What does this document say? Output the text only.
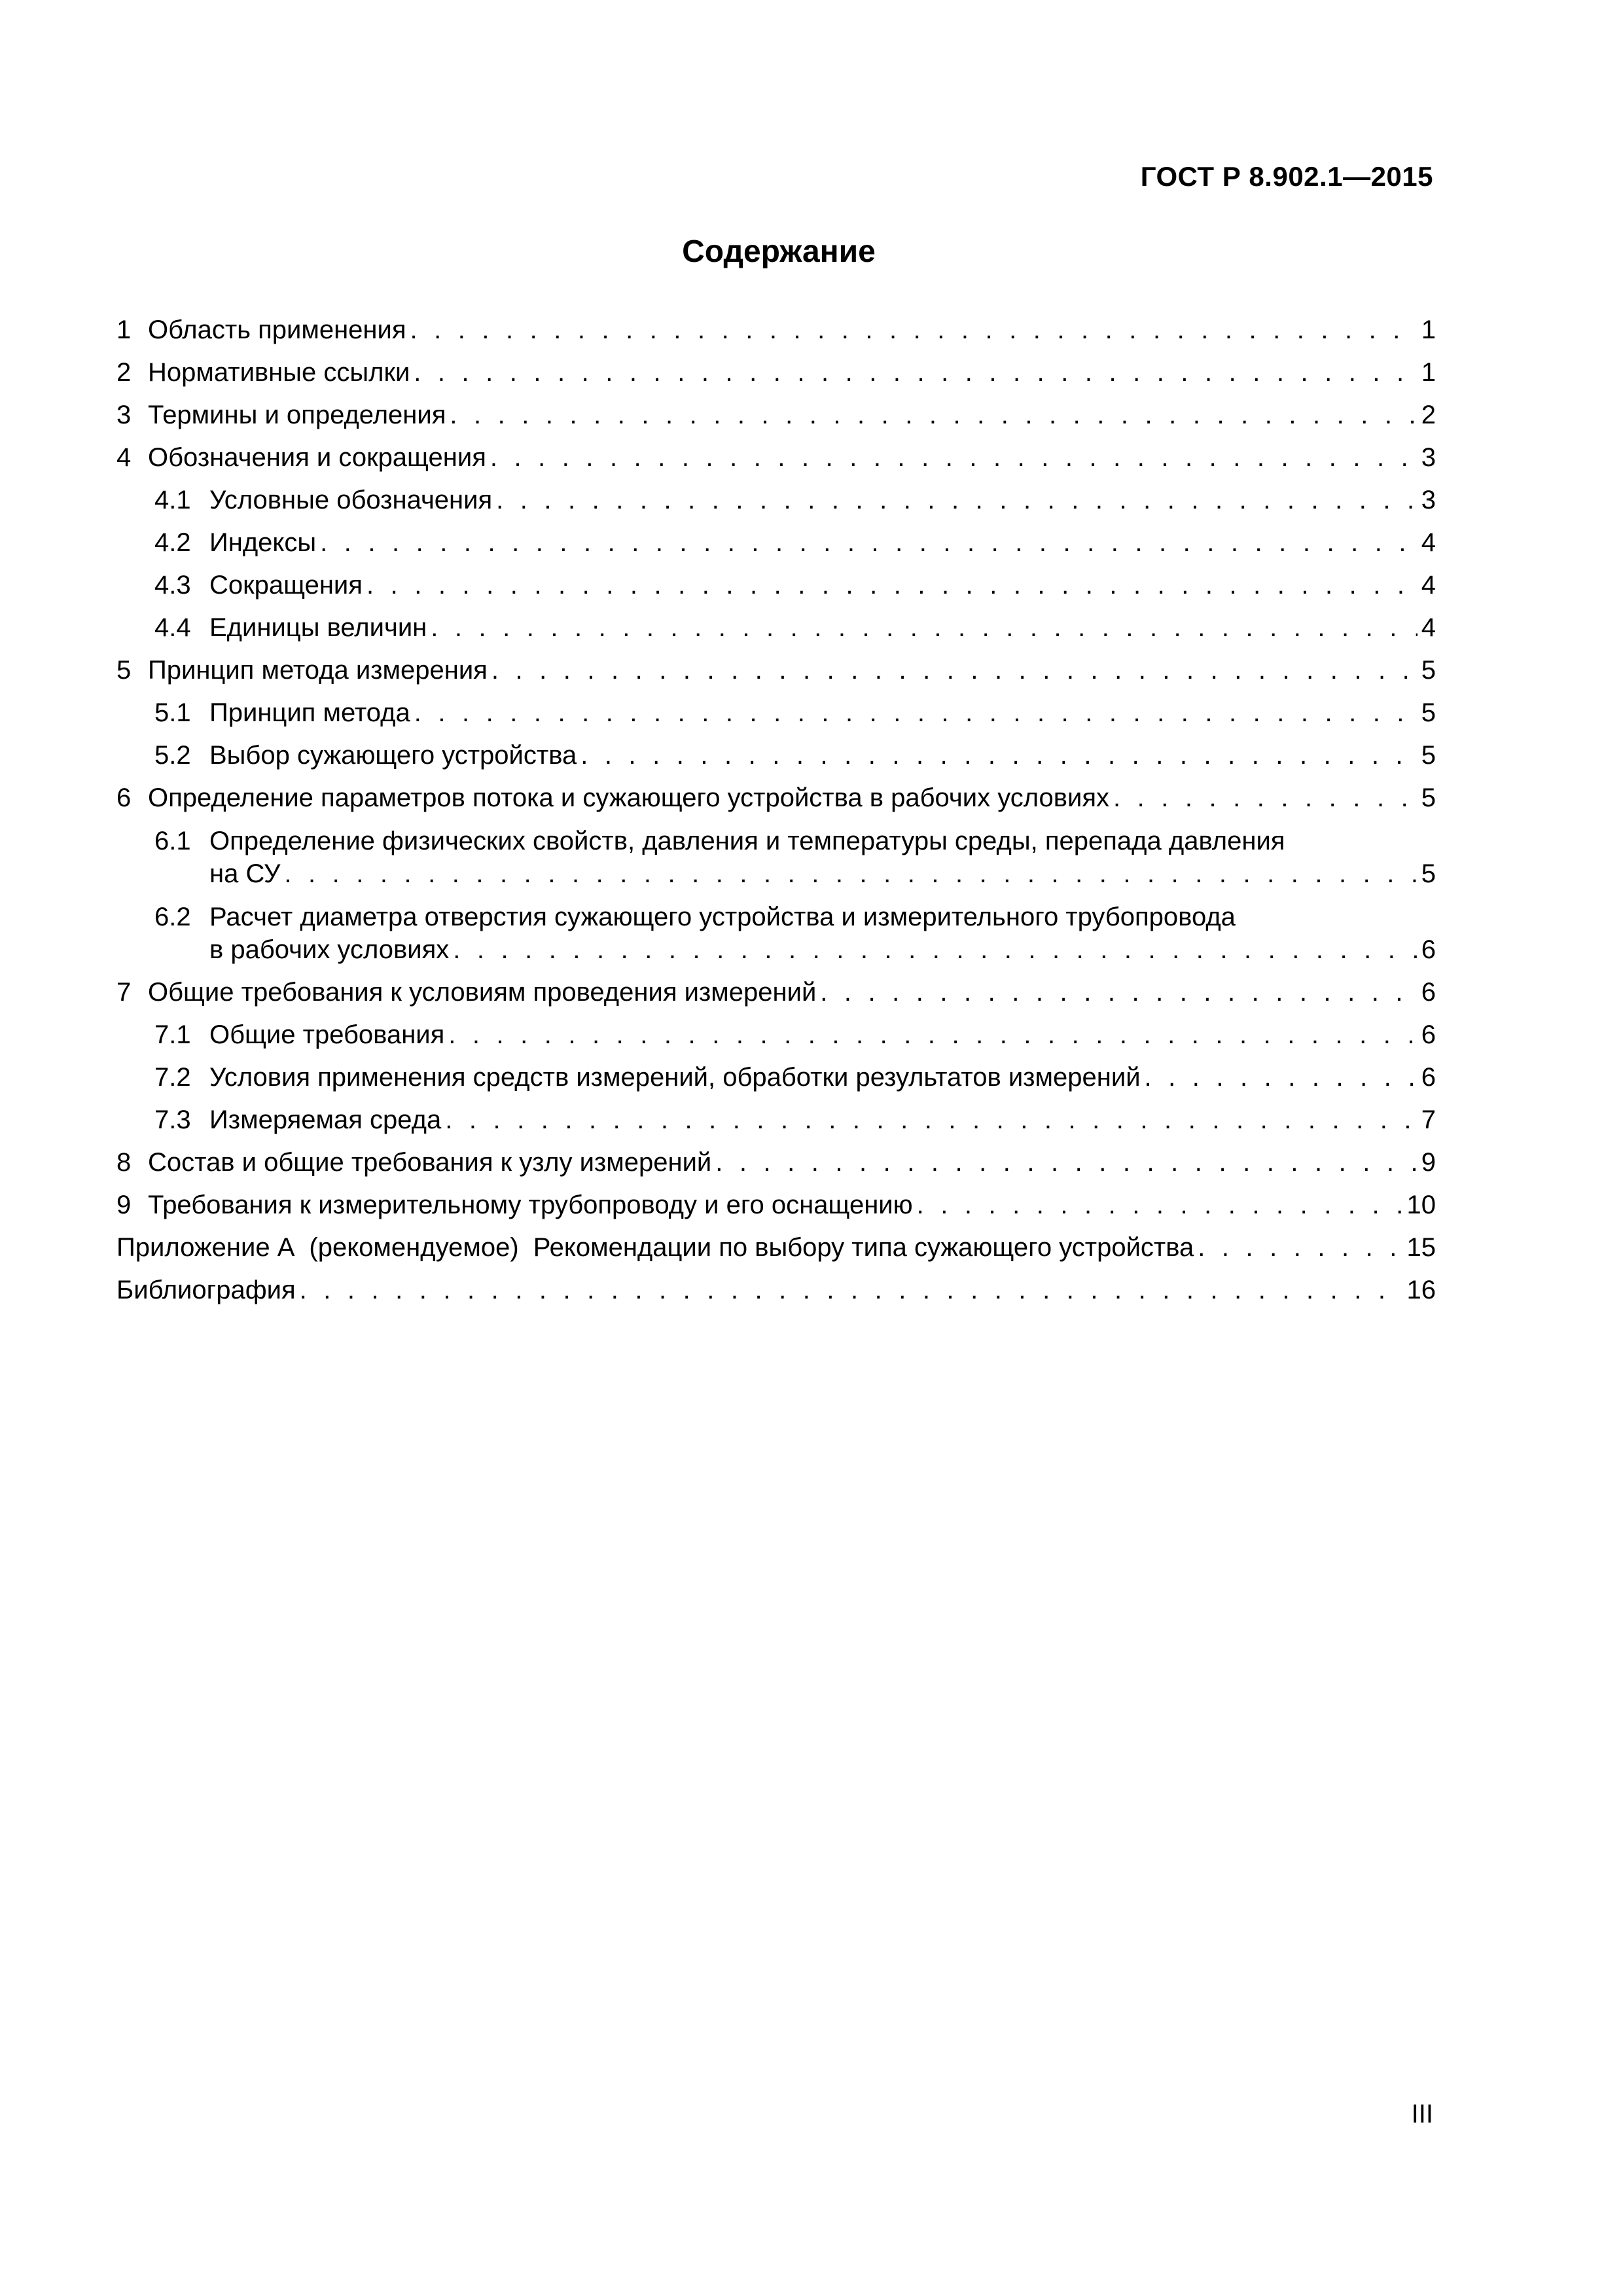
ГОСТ Р 8.902.1—2015
Содержание
1 Область применения . . .	1
2 Нормативные ссылки . . .	1
3 Термины и определения . . .	2
4 Обозначения и сокращения . . .	3
4.1 Условные обозначения . . .	3
4.2 Индексы . . .	4
4.3 Сокращения . . .	4
4.4 Единицы величин . . .	4
5 Принцип метода измерения . . .	5
5.1 Принцип метода . . .	5
5.2 Выбор сужающего устройства . . .	5
6 Определение параметров потока и сужающего устройства в рабочих условиях . . .	5
6.1 Определение физических свойств, давления и температуры среды, перепада давления
на СУ . . .	5
6.2 Расчет диаметра отверстия сужающего устройства и измерительного трубопровода
в рабочих условиях . . .	6
7 Общие требования к условиям проведения измерений . . .	6
7.1 Общие требования . . .	6
7.2 Условия применения средств измерений, обработки результатов измерений . . .	6
7.3 Измеряемая среда . . .	7
8 Состав и общие требования к узлу измерений . . .	9
9 Требования к измерительному трубопроводу и его оснащению . . .	10
Приложение А (рекомендуемое) Рекомендации по выбору типа сужающего устройства . . .	15
Библиография . . .	16
III
